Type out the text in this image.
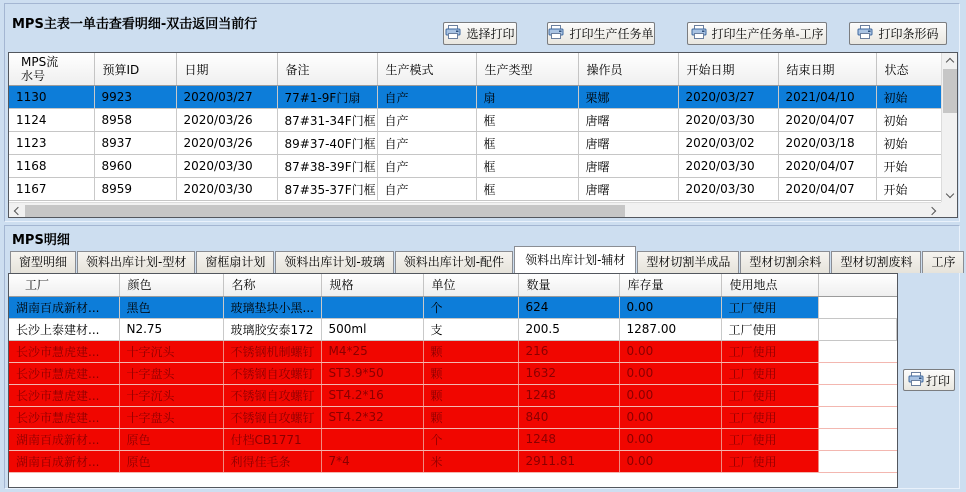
MPS主表一单击查看明细-双击返回当前行
选择打印	打印生产任务单	打印生产任务单-工序	打印条形码
MPS流水号	预算ID	日期	备注	生产模式	生产类型	操作员	开始日期	结束日期	状态
1130	9923	2020/03/27	77#1-9F门扇	自产	扇	栗娜	2020/03/27	2021/04/10	初始
1124	8958	2020/03/26	87#31-34F门框	自产	框	唐曙	2020/03/30	2020/04/07	初始
1123	8937	2020/03/26	89#37-40F门框	自产	框	唐曙	2020/03/02	2020/03/18	初始
1168	8960	2020/03/30	87#38-39F门框	自产	框	唐曙	2020/03/30	2020/04/07	开始
1167	8959	2020/03/30	87#35-37F门框	自产	框	唐曙	2020/03/30	2020/04/07	开始
MPS明细
窗型明细	领料出库计划-型材	窗框扇计划	领料出库计划-玻璃	领料出库计划-配件	领料出库计划-辅材	型材切割半成品	型材切割余料	型材切割废料	工序
工厂	颜色	名称	规格	单位	数量	库存量	使用地点	
湖南百成新材...	黑色	玻璃垫块小黑...		个	624	0.00	工厂使用	
长沙上泰建材...	N2.75	玻璃胶安泰172	500ml	支	200.5	1287.00	工厂使用	
长沙市慧虎建...	十字沉头	不锈钢机制螺钉	M4*25	颗	216	0.00	工厂使用	
长沙市慧虎建...	十字盘头	不锈钢自攻螺钉	ST3.9*50	颗	1632	0.00	工厂使用	
长沙市慧虎建...	十字沉头	不锈钢自攻螺钉	ST4.2*16	颗	1248	0.00	工厂使用	
长沙市慧虎建...	十字盘头	不锈钢自攻螺钉	ST4.2*32	颗	840	0.00	工厂使用	
湖南百成新材...	原色	付档CB1771		个	1248	0.00	工厂使用	
湖南百成新材...	原色	利得佳毛条	7*4	米	2911.81	0.00	工厂使用	
打印
